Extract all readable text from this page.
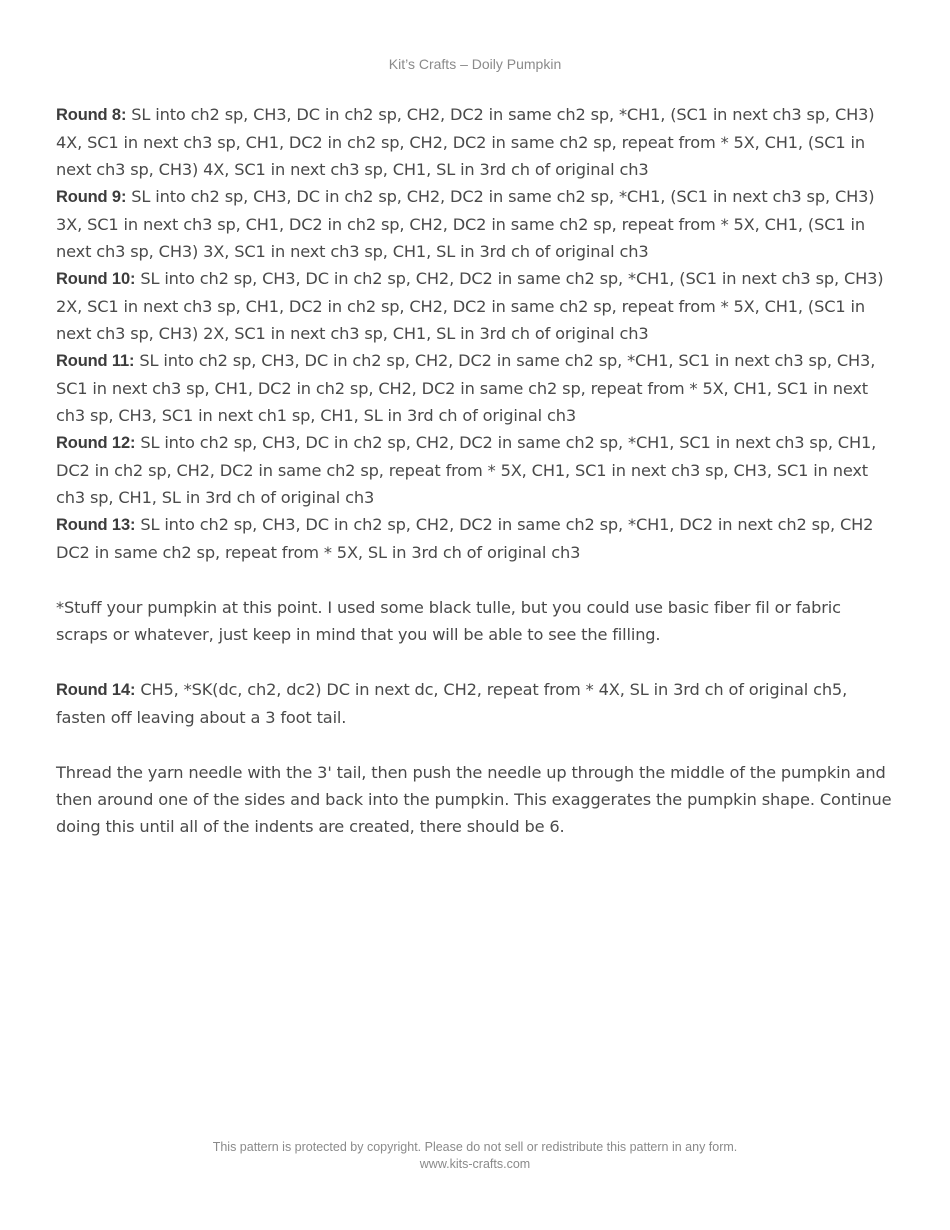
Kit’s Crafts – Doily Pumpkin

Round 8: SL into ch2 sp, CH3, DC in ch2 sp, CH2, DC2 in same ch2 sp, *CH1, (SC1 in next ch3 sp, CH3) 4X, SC1 in next ch3 sp, CH1, DC2 in ch2 sp, CH2, DC2 in same ch2 sp, repeat from * 5X, CH1, (SC1 in next ch3 sp, CH3) 4X, SC1 in next ch3 sp, CH1, SL in 3rd ch of original ch3

Round 9: SL into ch2 sp, CH3, DC in ch2 sp, CH2, DC2 in same ch2 sp, *CH1, (SC1 in next ch3 sp, CH3) 3X, SC1 in next ch3 sp, CH1, DC2 in ch2 sp, CH2, DC2 in same ch2 sp, repeat from * 5X, CH1, (SC1 in next ch3 sp, CH3) 3X, SC1 in next ch3 sp, CH1, SL in 3rd ch of original ch3

Round 10: SL into ch2 sp, CH3, DC in ch2 sp, CH2, DC2 in same ch2 sp, *CH1, (SC1 in next ch3 sp, CH3) 2X, SC1 in next ch3 sp, CH1, DC2 in ch2 sp, CH2, DC2 in same ch2 sp, repeat from * 5X, CH1, (SC1 in next ch3 sp, CH3) 2X, SC1 in next ch3 sp, CH1, SL in 3rd ch of original ch3

Round 11: SL into ch2 sp, CH3, DC in ch2 sp, CH2, DC2 in same ch2 sp, *CH1, SC1 in next ch3 sp, CH3, SC1 in next ch3 sp, CH1, DC2 in ch2 sp, CH2, DC2 in same ch2 sp, repeat from * 5X, CH1, SC1 in next ch3 sp, CH3, SC1 in next ch1 sp, CH1, SL in 3rd ch of original ch3

Round 12: SL into ch2 sp, CH3, DC in ch2 sp, CH2, DC2 in same ch2 sp, *CH1, SC1 in next ch3 sp, CH1, DC2 in ch2 sp, CH2, DC2 in same ch2 sp, repeat from * 5X, CH1, SC1 in next ch3 sp, CH3, SC1 in next ch3 sp, CH1, SL in 3rd ch of original ch3

Round 13: SL into ch2 sp, CH3, DC in ch2 sp, CH2, DC2 in same ch2 sp, *CH1, DC2 in next ch2 sp, CH2 DC2 in same ch2 sp, repeat from * 5X, SL in 3rd ch of original ch3

*Stuff your pumpkin at this point. I used some black tulle, but you could use basic fiber fil or fabric scraps or whatever, just keep in mind that you will be able to see the filling.

Round 14: CH5, *SK(dc, ch2, dc2) DC in next dc, CH2, repeat from * 4X, SL in 3rd ch of original ch5, fasten off leaving about a 3 foot tail.

Thread the yarn needle with the 3' tail, then push the needle up through the middle of the pumpkin and then around one of the sides and back into the pumpkin. This exaggerates the pumpkin shape. Continue doing this until all of the indents are created, there should be 6.

This pattern is protected by copyright. Please do not sell or redistribute this pattern in any form.
www.kits-crafts.com
